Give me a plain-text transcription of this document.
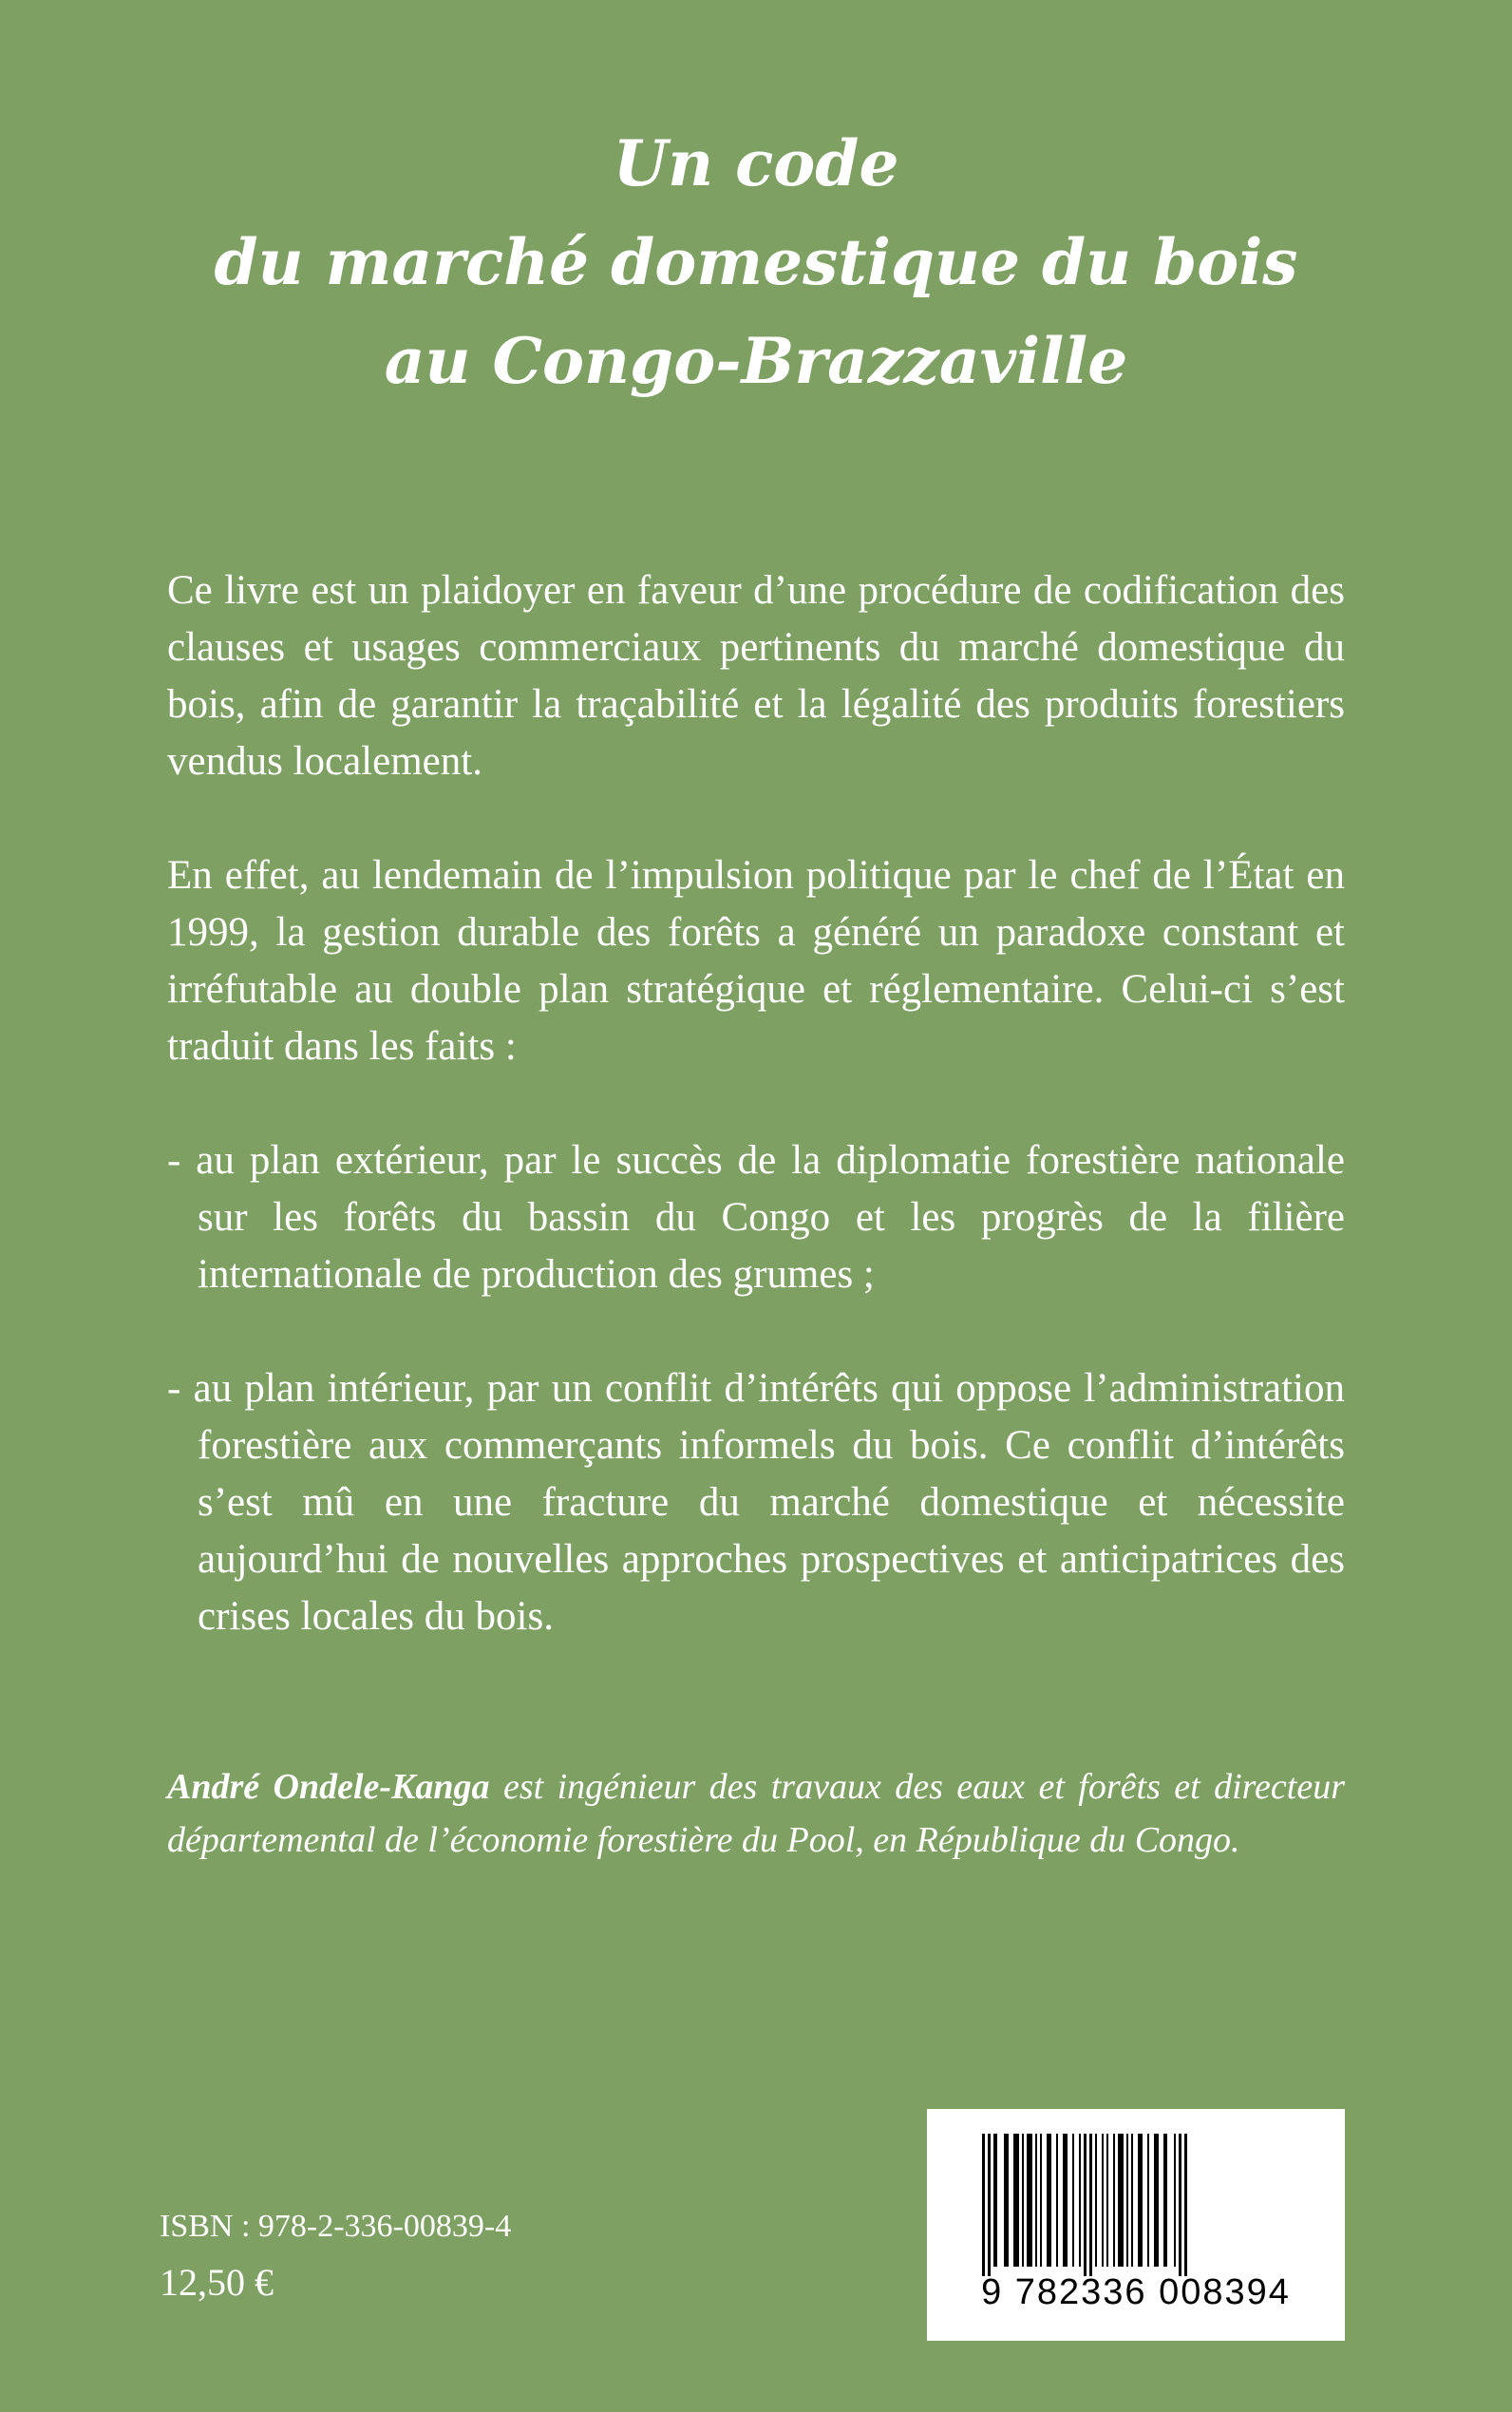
Un code
du marché domestique du bois
au Congo-Brazzaville

Ce livre est un plaidoyer en faveur d’une procédure de codification des clauses et usages commerciaux pertinents du marché domestique du bois, afin de garantir la traçabilité et la légalité des produits forestiers vendus localement.

En effet, au lendemain de l’impulsion politique par le chef de l’État en 1999, la gestion durable des forêts a généré un paradoxe constant et irréfutable au double plan stratégique et réglementaire. Celui-ci s’est traduit dans les faits :

- au plan extérieur, par le succès de la diplomatie forestière nationale sur les forêts du bassin du Congo et les progrès de la filière internationale de production des grumes ;

- au plan intérieur, par un conflit d’intérêts qui oppose l’administration forestière aux commerçants informels du bois. Ce conflit d’intérêts s’est mû en une fracture du marché domestique et nécessite aujourd’hui de nouvelles approches prospectives et anticipatrices des crises locales du bois.

André Ondele-Kanga est ingénieur des travaux des eaux et forêts et directeur départemental de l’économie forestière du Pool, en République du Congo.
9 782336 008394
ISBN : 978-2-336-00839-4
12,50 €
